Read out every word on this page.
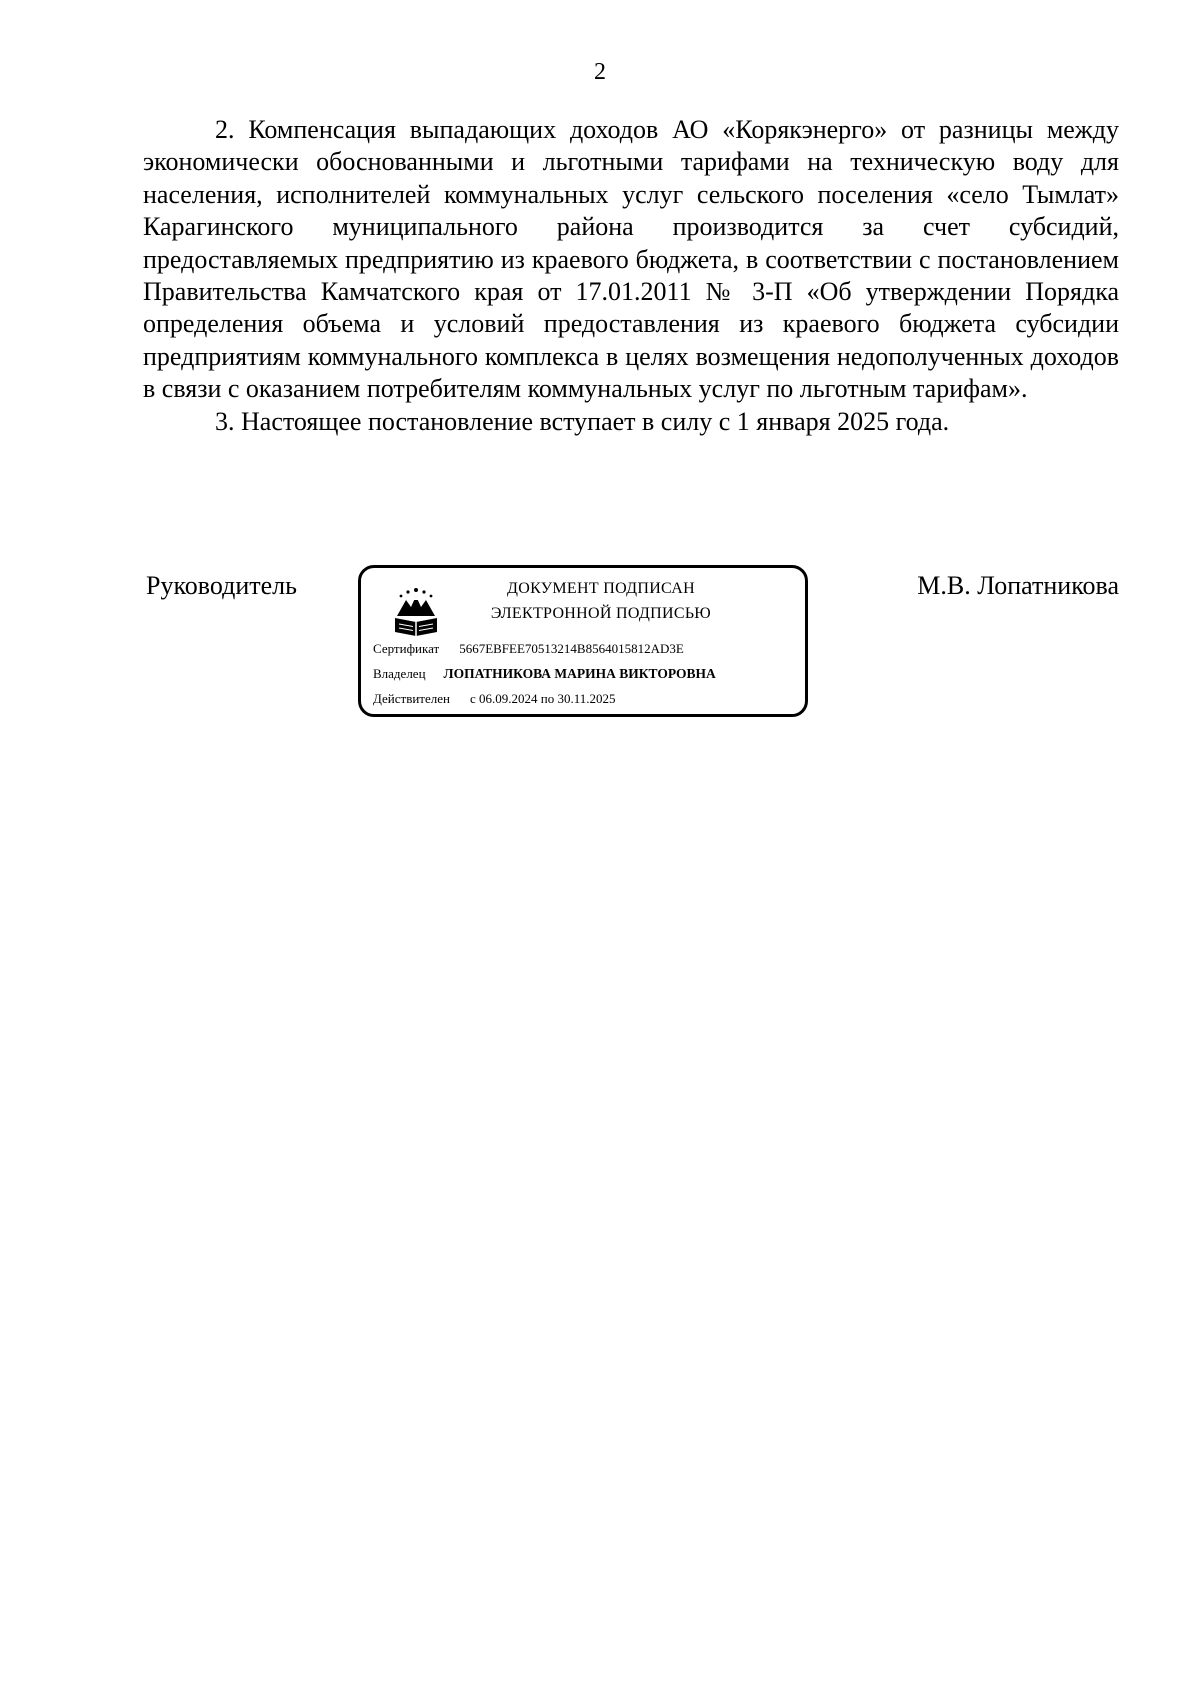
2

2. Компенсация выпадающих доходов АО «Корякэнерго» от разницы между экономически обоснованными и льготными тарифами на техническую воду для населения, исполнителей коммунальных услуг сельского поселения «село Тымлат» Карагинского муниципального района производится за счет субсидий, предоставляемых предприятию из краевого бюджета, в соответствии с постановлением Правительства Камчатского края от 17.01.2011 № 3-П «Об утверждении Порядка определения объема и условий предоставления из краевого бюджета субсидии предприятиям коммунального комплекса в целях возмещения недополученных доходов в связи с оказанием потребителям коммунальных услуг по льготным тарифам».

3. Настоящее постановление вступает в силу с 1 января 2025 года.

Руководитель	ДОКУМЕНТ ПОДПИСАН
ЭЛЕКТРОННОЙ ПОДПИСЬЮ
Сертификат 5667EBFEE70513214B8564015812AD3E
Владелец ЛОПАТНИКОВА МАРИНА ВИКТОРОВНА
Действителен с 06.09.2024 по 30.11.2025
М.В. Лопатникова
